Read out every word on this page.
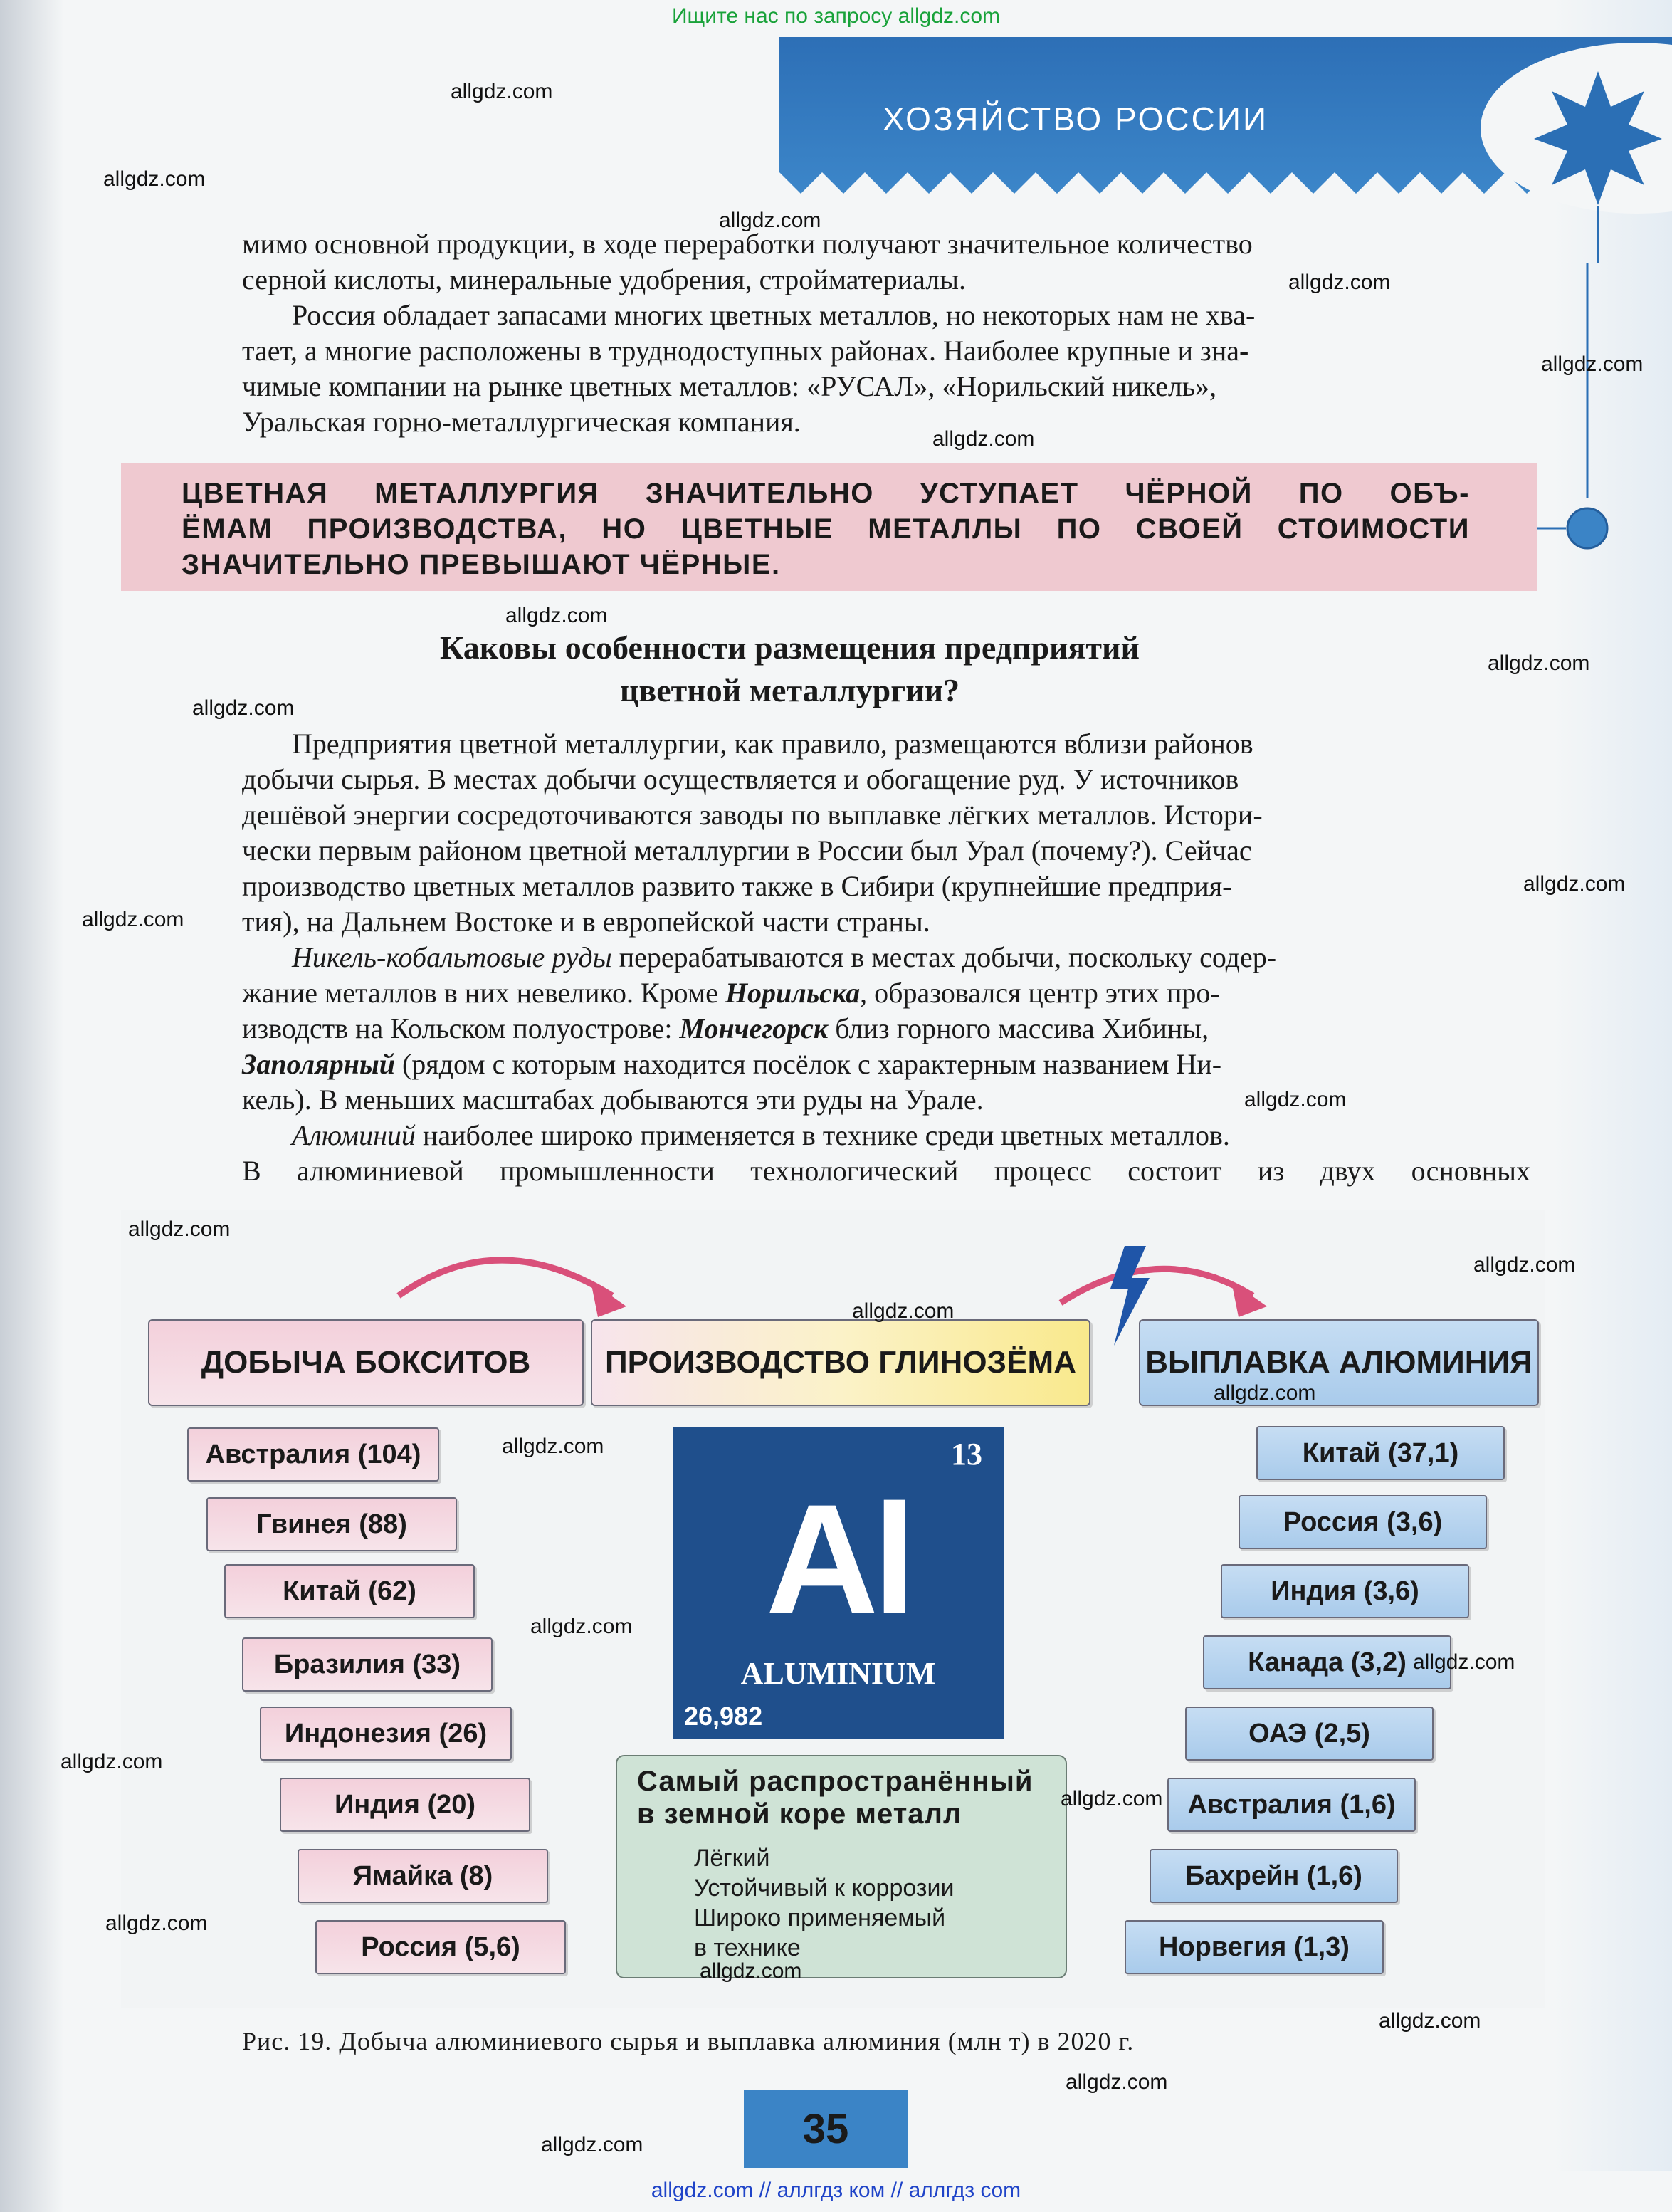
Ищите нас по запросу allgdz.com
allgdz.com // аллгдз ком // аллгдз com
ХОЗЯЙСТВО РОССИИ
мимо основной продукции, в ходе переработки получают значительное количество
серной кислоты, минеральные удобрения, стройматериалы.
Россия обладает запасами многих цветных металлов, но некоторых нам не хва-
тает, а многие расположены в труднодоступных районах. Наиболее крупные и зна-
чимые компании на рынке цветных металлов: «РУСАЛ», «Норильский никель»,
Уральская горно-металлургическая компания.
ЦВЕТНАЯ МЕТАЛЛУРГИЯ ЗНАЧИТЕЛЬНО УСТУПАЕТ ЧЁРНОЙ ПО ОБЪ-
ЁМАМ ПРОИЗВОДСТВА, НО ЦВЕТНЫЕ МЕТАЛЛЫ ПО СВОЕЙ СТОИМОСТИ
ЗНАЧИТЕЛЬНО ПРЕВЫШАЮТ ЧЁРНЫЕ.
Каковы особенности размещения предприятий
цветной металлургии?
Предприятия цветной металлургии, как правило, размещаются вблизи районов
добычи сырья. В местах добычи осуществляется и обогащение руд. У источников
дешёвой энергии сосредоточиваются заводы по выплавке лёгких металлов. Истори-
чески первым районом цветной металлургии в России был Урал (почему?). Сейчас
производство цветных металлов развито также в Сибири (крупнейшие предприя-
тия), на Дальнем Востоке и в европейской части страны.
Никель-кобальтовые руды перерабатываются в местах добычи, поскольку содер-
жание металлов в них невелико. Кроме Норильска, образовался центр этих про-
изводств на Кольском полуострове: Мончегорск близ горного массива Хибины,
Заполярный (рядом с которым находится посёлок с характерным названием Ни-
кель). В меньших масштабах добываются эти руды на Урале.
Алюминий наиболее широко применяется в технике среди цветных металлов.
В алюминиевой промышленности технологический процесс состоит из двух основных
ДОБЫЧА БОКСИТОВ	ПРОИЗВОДСТВО ГЛИНОЗЁМА	ВЫПЛАВКА АЛЮМИНИЯ
Австралия (104)
Гвинея (88)
Китай (62)
Бразилия (33)
Индонезия (26)
Индия (20)
Ямайка (8)
Россия (5,6)
Китай (37,1)
Россия (3,6)
Индия (3,6)
Канада (3,2)
ОАЭ (2,5)
Австралия (1,6)
Бахрейн (1,6)
Норвегия (1,3)
13
Al
ALUMINIUM
26,982
Самый распространённый
в земной коре металл
Лёгкий
Устойчивый к коррозии
Широко применяемый
в технике
Рис. 19. Добыча алюминиевого сырья и выплавка алюминия (млн т) в 2020 г.
35
allgdz.com
allgdz.com
allgdz.com
allgdz.com
allgdz.com
allgdz.com
allgdz.com
allgdz.com
allgdz.com
allgdz.com
allgdz.com
allgdz.com
allgdz.com
allgdz.com
allgdz.com
allgdz.com
allgdz.com
allgdz.com
allgdz.com
allgdz.com
allgdz.com
allgdz.com
allgdz.com
allgdz.com
allgdz.com
allgdz.com
